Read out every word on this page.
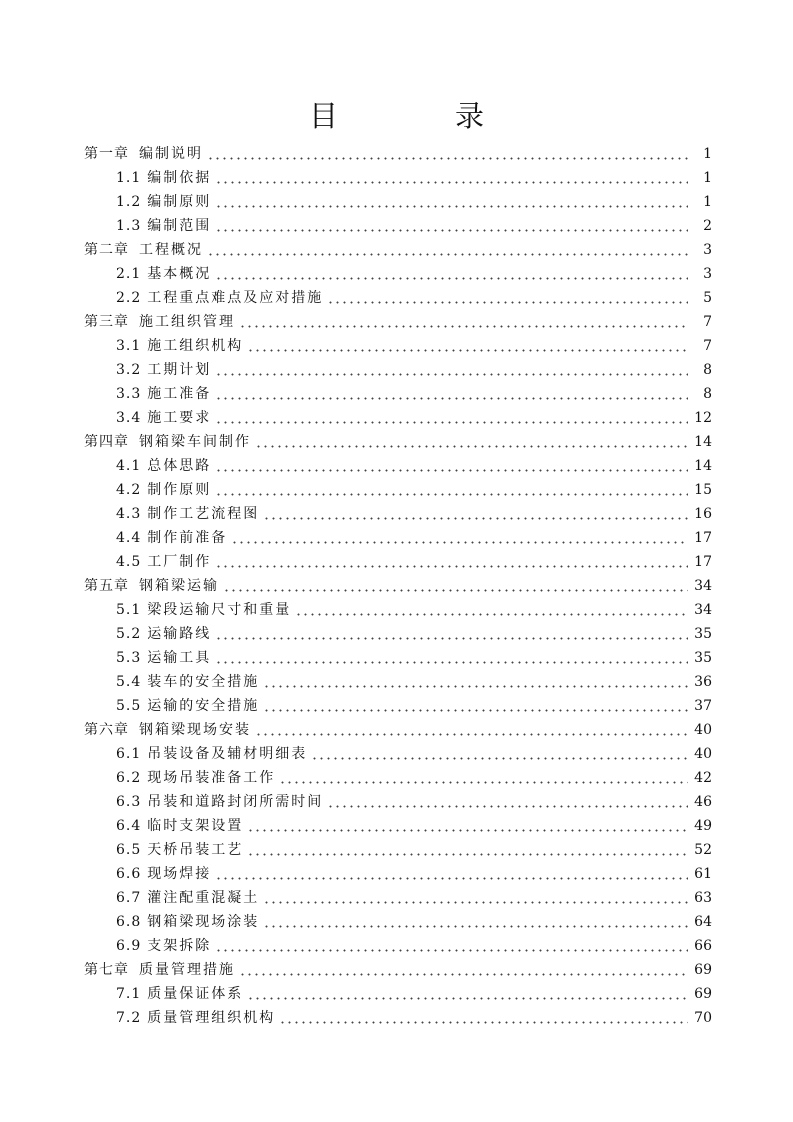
目　录
第一章 编制说明	1
1.1 编制依据	1
1.2 编制原则	1
1.3 编制范围	2
第二章 工程概况	3
2.1 基本概况	3
2.2 工程重点难点及应对措施	5
第三章 施工组织管理	7
3.1 施工组织机构	7
3.2 工期计划	8
3.3 施工准备	8
3.4 施工要求	12
第四章 钢箱梁车间制作	14
4.1 总体思路	14
4.2 制作原则	15
4.3 制作工艺流程图	16
4.4 制作前准备	17
4.5 工厂制作	17
第五章 钢箱梁运输	34
5.1 梁段运输尺寸和重量	34
5.2 运输路线	35
5.3 运输工具	35
5.4 装车的安全措施	36
5.5 运输的安全措施	37
第六章 钢箱梁现场安装	40
6.1 吊装设备及辅材明细表	40
6.2 现场吊装准备工作	42
6.3 吊装和道路封闭所需时间	46
6.4 临时支架设置	49
6.5 天桥吊装工艺	52
6.6 现场焊接	61
6.7 灌注配重混凝土	63
6.8 钢箱梁现场涂装	64
6.9 支架拆除	66
第七章 质量管理措施	69
7.1 质量保证体系	69
7.2 质量管理组织机构	70
